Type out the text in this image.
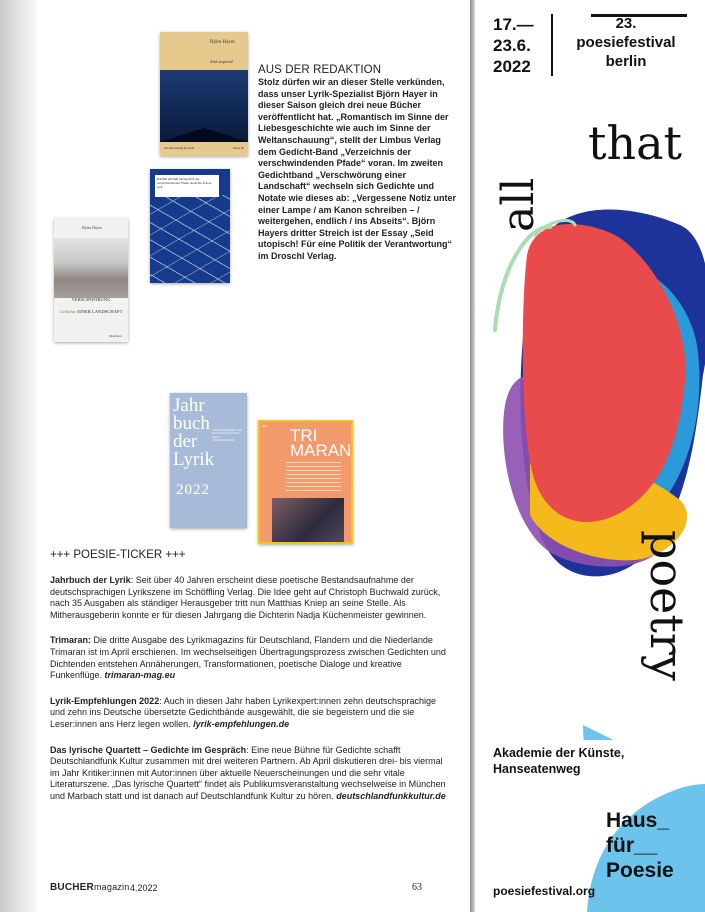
Björn Hayer
Seid utopisch!
Literaturverlag Droschl	Essay 90
BJÖRN HAYER Verzeichnis der verschwindenden Pfade Gedichte limbus lyrik
Björn Hayer
VERSCHWÖRUNG
Gedichte EINER LANDSCHAFT
Dielmann
AUS DER REDAKTION
Stolz dürfen wir an dieser Stelle verkünden, dass unser Lyrik-Spezialist Björn Hayer in dieser Saison gleich drei neue Bücher veröffentlicht hat. „Romantisch im Sinne der Liebesgeschichte wie auch im Sinne der Weltanschauung“, stellt der Limbus Verlag dem Gedicht-Band „Verzeichnis der verschwindenden Pfade“ voran. Im zweiten Gedichtband „Verschwörung einer Landschaft“ wechseln sich Gedichte und Notate wie dieses ab: „Vergessene Notiz unter einer Lampe / am Kanon schreiben – / weitergehen, endlich / ins Abseits“. Björn Hayers dritter Streich ist der Essay „Seid utopisch! Für eine Politik der Verantwortung“ im Droschl Verlag.
Jahr buch der Lyrik
HERAUSGEGEBEN VON MATTHIAS KNIEP UND NADJA KÜCHENMEISTER
2022
TRI MARAN
003
+++ POESIE-TICKER +++

Jahrbuch der Lyrik: Seit über 40 Jahren erscheint diese poetische Bestandsaufnahme der deutschsprachigen Lyrikszene im Schöffling Verlag. Die Idee geht auf Christoph Buchwald zurück, nach 35 Ausgaben als ständiger Herausgeber tritt nun Matthias Kniep an seine Stelle. Als Mitherausgeberin konnte er für diesen Jahrgang die Dichterin Nadja Küchenmeister gewinnen.

Trimaran: Die dritte Ausgabe des Lyrikmagazins für Deutschland, Flandern und die Niederlande Trimaran ist im April erschienen. Im wechselseitigen Übertragungsprozess zwischen Gedichten und Dichtenden entstehen Annäherungen, Transformationen, poetische Dialoge und kreative Funkenflüge. trimaran-mag.eu

Lyrik-Empfehlungen 2022: Auch in diesen Jahr haben Lyrikexpert:innen zehn deutschsprachige und zehn ins Deutsche übersetzte Gedichtbände ausgewählt, die sie begeistern und die sie Leser:innen ans Herz legen wollen. lyrik-empfehlungen.de

Das lyrische Quartett – Gedichte im Gespräch: Eine neue Bühne für Gedichte schafft Deutschlandfunk Kultur zusammen mit drei weiteren Partnern. Ab April diskutieren drei- bis viermal im Jahr Kritiker:innen mit Autor:innen über aktuelle Neuerscheinungen und die sehr vitale Literaturszene. „Das lyrische Quartett“ findet als Publikumsveranstaltung wechselweise in München und Marbach statt und ist danach auf Deutschlandfunk Kultur zu hören. deutschlandfunkkultur.de

BUCHERmagazin 4.2022	63
17.—
23.6.
2022
23.
poesiefestival
berlin
all
that
poetry
Akademie der Künste,
Hanseatenweg
Haus_
für__
Poesie
poesiefestival.org
